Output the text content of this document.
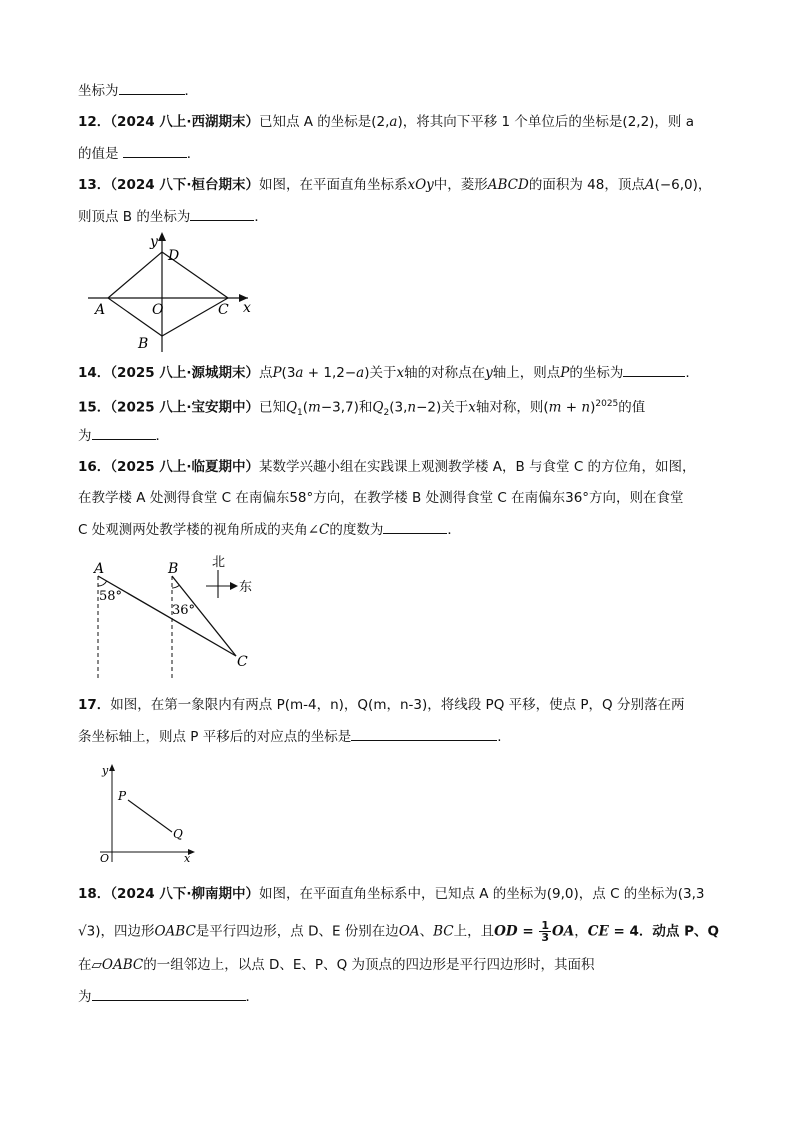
坐标为	．
12．（2024 八上·西湖期末）已知点 A 的坐标是(2,a)，将其向下平移 1 个单位后的坐标是(2,2)，则 a
的值是	．
13．（2024 八下·桓台期末）如图，在平面直角坐标系xOy中，菱形ABCD的面积为 48，顶点A(−6,0)，
则顶点 B 的坐标为	．
x
y
D
A	O	C
B
14．（2025 八上·源城期末）点P(3a + 1,2−a)关于x轴的对称点在y轴上，则点P的坐标为	.
15．（2025 八上·宝安期中）已知$Q_1(m-3,7)$和$Q_2(3,n-2)$关于x轴对称，则$(m + n)^{2025}$的值
为	．
16．（2025 八上·临夏期中）某数学兴趣小组在实践课上观测教学楼 A，B 与食堂 C 的方位角，如图，
在教学楼 A 处测得食堂 C 在南偏东58°方向，在教学楼 B 处测得食堂 C 在南偏东36°方向，则在食堂
C 处观测两处教学楼的视角所成的夹角∠C的度数为	．
A	B
C
58°
36°
北
东
17．如图，在第一象限内有两点 P(m-4，n)，Q(m，n-3)，将线段 PQ 平移，使点 P，Q 分别落在两
条坐标轴上，则点 P 平移后的对应点的坐标是	.
x
y
O
P
Q
18．（2024 八下·柳南期中）如图，在平面直角坐标系中，已知点 A 的坐标为(9,0)，点 C 的坐标为(3,3
√3)，四边形OABC是平行四边形，点 D、E 份别在边OA、BC上，且OD = $\frac{1}{3}$ OA，CE = 4．动点 P、Q
在▱OABC的一组邻边上，以点 D、E、P、Q 为顶点的四边形是平行四边形时，其面积
为	．
